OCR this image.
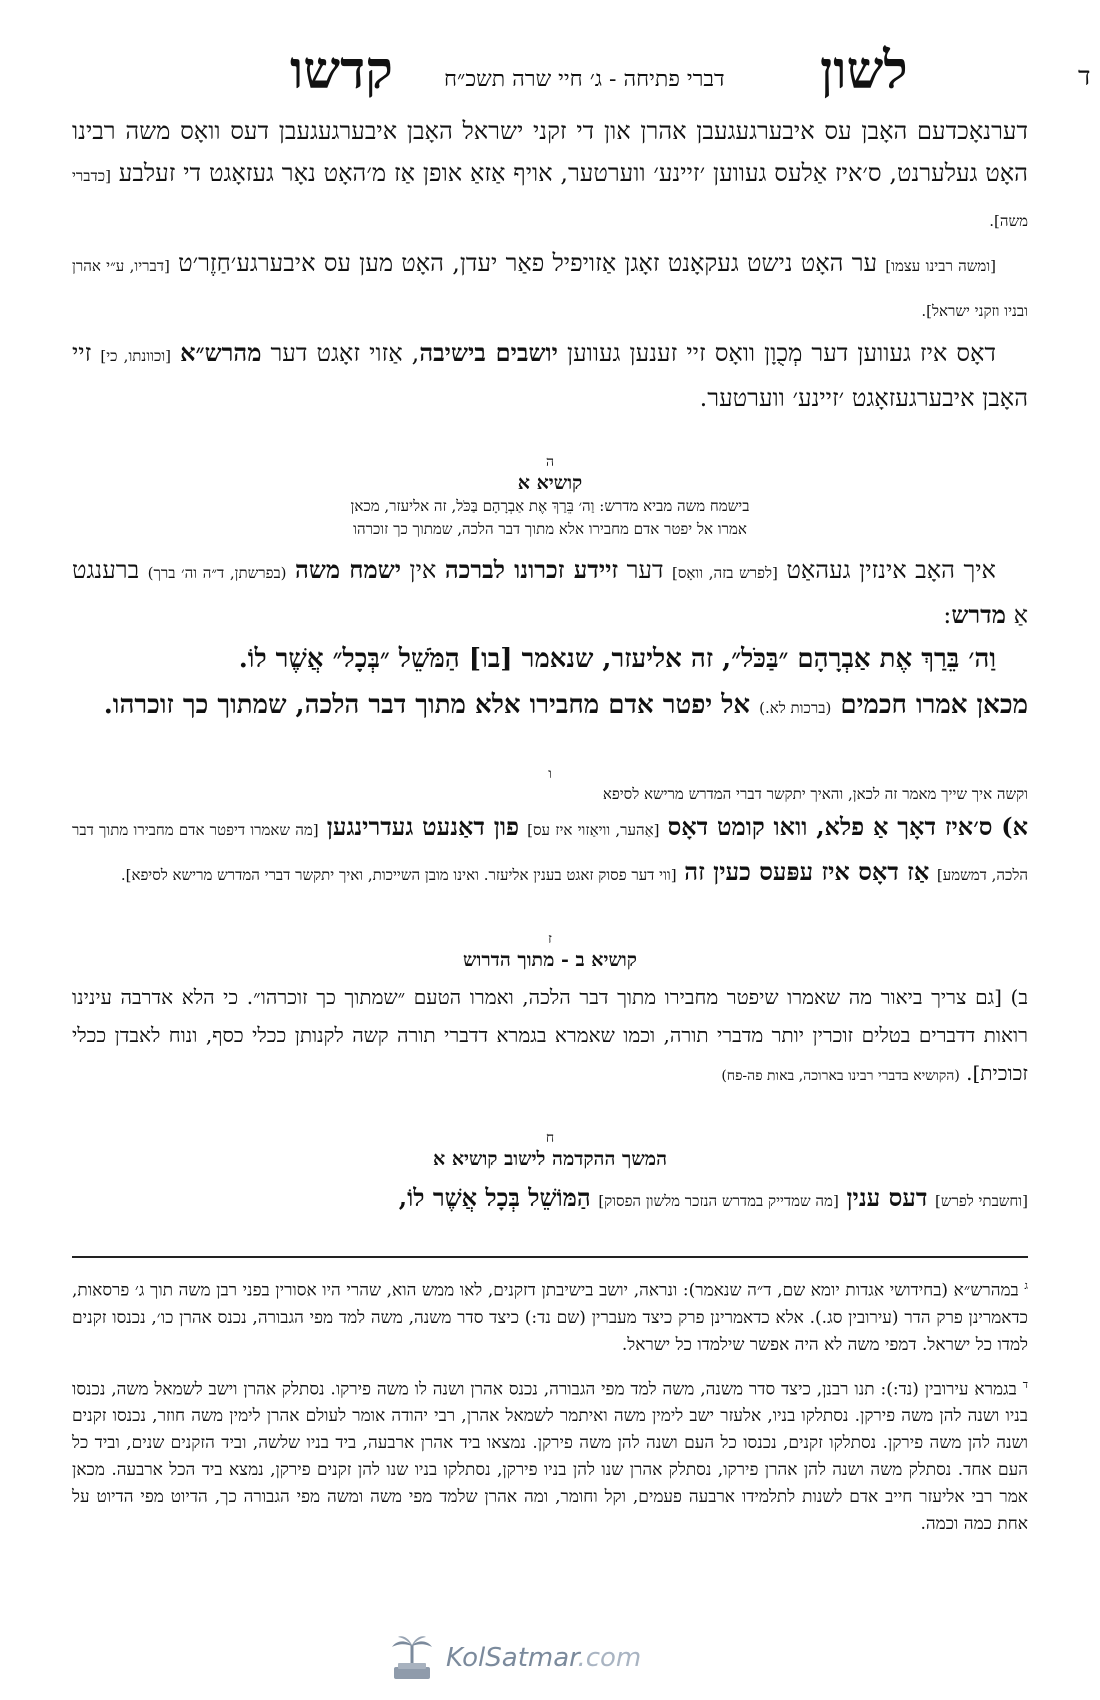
ד
לשון
דברי פתיחה - ג׳ חיי שרה תשכ״ח
קדשו

דערנאָכדעם האָבן עס איבערגעגעבן אהרן און די זקני ישראל האָבן איבערגעגעבן דעס וואָס משה רבינו האָט געלערנט, ס׳איז אַלעס געווען ׳זיינע׳ ווערטער, אויף אַזאַ אופן אַז מ׳האָט נאָר געזאָגט די זעלבע [כדברי משה].

[ומשה רבינו עצמו] ער האָט נישט געקאָנט זאָגן אַזויפיל פאַר יעדן, האָט מען עס איבערגע׳חַזֶר׳ט [דבריו, ע״י אהרן ובניו וזקני ישראל].

דאָס איז געווען דער מְכֻוָן וואָס זיי זענען געווען יושבים בישיבה, אַזוי זאָגט דער מהרש״א [וכוונתו, כי] זיי האָבן איבערגעזאָגט ׳זיינע׳ ווערטער.

ה
קושיא א
בישמח משה מביא מדרש: וַה׳ בֵּרַךְ אֶת אַבְרָהָם בַּכֹּל, זה אליעזר, מכאן
אמרו אל יפטר אדם מחבירו אלא מתוך דבר הלכה, שמתוך כך זוכרהו

איך האָב אינזין געהאַט [לפרש בזה, וואָס] דער זיידע זכרונו לברכה אין ישמח משה (בפרשתן, ד״ה וה׳ ברך) ברענגט אַ מדרש:

וַה׳ בֵּרַךְ אֶת אַבְרָהָם ״בַּכֹּל״, זה אליעזר, שנאמר [בו] הַמֹּשֵׁל ״בְּכָל״ אֲשֶׁר לוֹ.

מכאן אמרו חכמים (ברכות לא.) אל יפטר אדם מחבירו אלא מתוך דבר הלכה, שמתוך כך זוכרהו.

ו
וקשה איך שייך מאמר זה לכאן, והאיך יתקשר דברי המדרש מרישא לסיפא

א) ס׳איז דאָך אַ פלא, וואו קומט דאָס [אַהער, וויאַזוי איז עס] פון דאַנעט געדרינגען [מה שאמרו דיפטר אדם מחבירו מתוך דבר הלכה, דמשמע] אַז דאָס איז עפּעס כעין זה [ווי דער פסוק זאגט בענין אליעזר. ואינו מובן השייכות, ואיך יתקשר דברי המדרש מרישא לסיפא].

ז
קושיא ב - מתוך הדרוש

ב) [גם צריך ביאור מה שאמרו שיפטר מחבירו מתוך דבר הלכה, ואמרו הטעם ״שמתוך כך זוכרהו״. כי הלא אדרבה עינינו רואות דדברים בטלים זוכרין יותר מדברי תורה, וכמו שאמרא בגמרא דדברי תורה קשה לקנותן ככלי כסף, ונוח לאבדן ככלי זכוכית]. (הקושיא בדברי רבינו בארוכה, באות פה-פח)

ח
המשך ההקדמה לישוב קושיא א

[וחשבתי לפרש] דעס ענין [מה שמדייק במדרש הנזכר מלשון הפסוק] הַמּוֹשֵׁל בְּכָל אֲשֶׁר לוֹ,

$^ג$ במהרש״א (בחידושי אגדות יומא שם, ד״ה שנאמר): ונראה, יושב בישיבתן דזקנים, לאו ממש הוא, שהרי היו אסורין בפני רבן משה תוך ג׳ פרסאות, כדאמרינן פרק הדר (עירובין סג.). אלא כדאמרינן פרק כיצד מעברין (שם נד:) כיצד סדר משנה, משה למד מפי הגבורה, נכנס אהרן כו׳, נכנסו זקנים למדו כל ישראל. דמפי משה לא היה אפשר שילמדו כל ישראל.

$^ד$ בגמרא עירובין (נד:): תנו רבנן, כיצד סדר משנה, משה למד מפי הגבורה, נכנס אהרן ושנה לו משה פירקו. נסתלק אהרן וישב לשמאל משה, נכנסו בניו ושנה להן משה פירקן. נסתלקו בניו, אלעזר ישב לימין משה ואיתמר לשמאל אהרן, רבי יהודה אומר לעולם אהרן לימין משה חוזר, נכנסו זקנים ושנה להן משה פירקן. נסתלקו זקנים, נכנסו כל העם ושנה להן משה פירקן. נמצאו ביד אהרן ארבעה, ביד בניו שלשה, וביד הזקנים שנים, וביד כל העם אחד. נסתלק משה ושנה להן אהרן פירקו, נסתלק אהרן שנו להן בניו פירקן, נסתלקו בניו שנו להן זקנים פירקן, נמצא ביד הכל ארבעה. מכאן אמר רבי אליעזר חייב אדם לשנות לתלמידו ארבעה פעמים, וקל וחומר, ומה אהרן שלמד מפי משה ומשה מפי הגבורה כך, הדיוט מפי הדיוט על אחת כמה וכמה.

KolSatmar.com
